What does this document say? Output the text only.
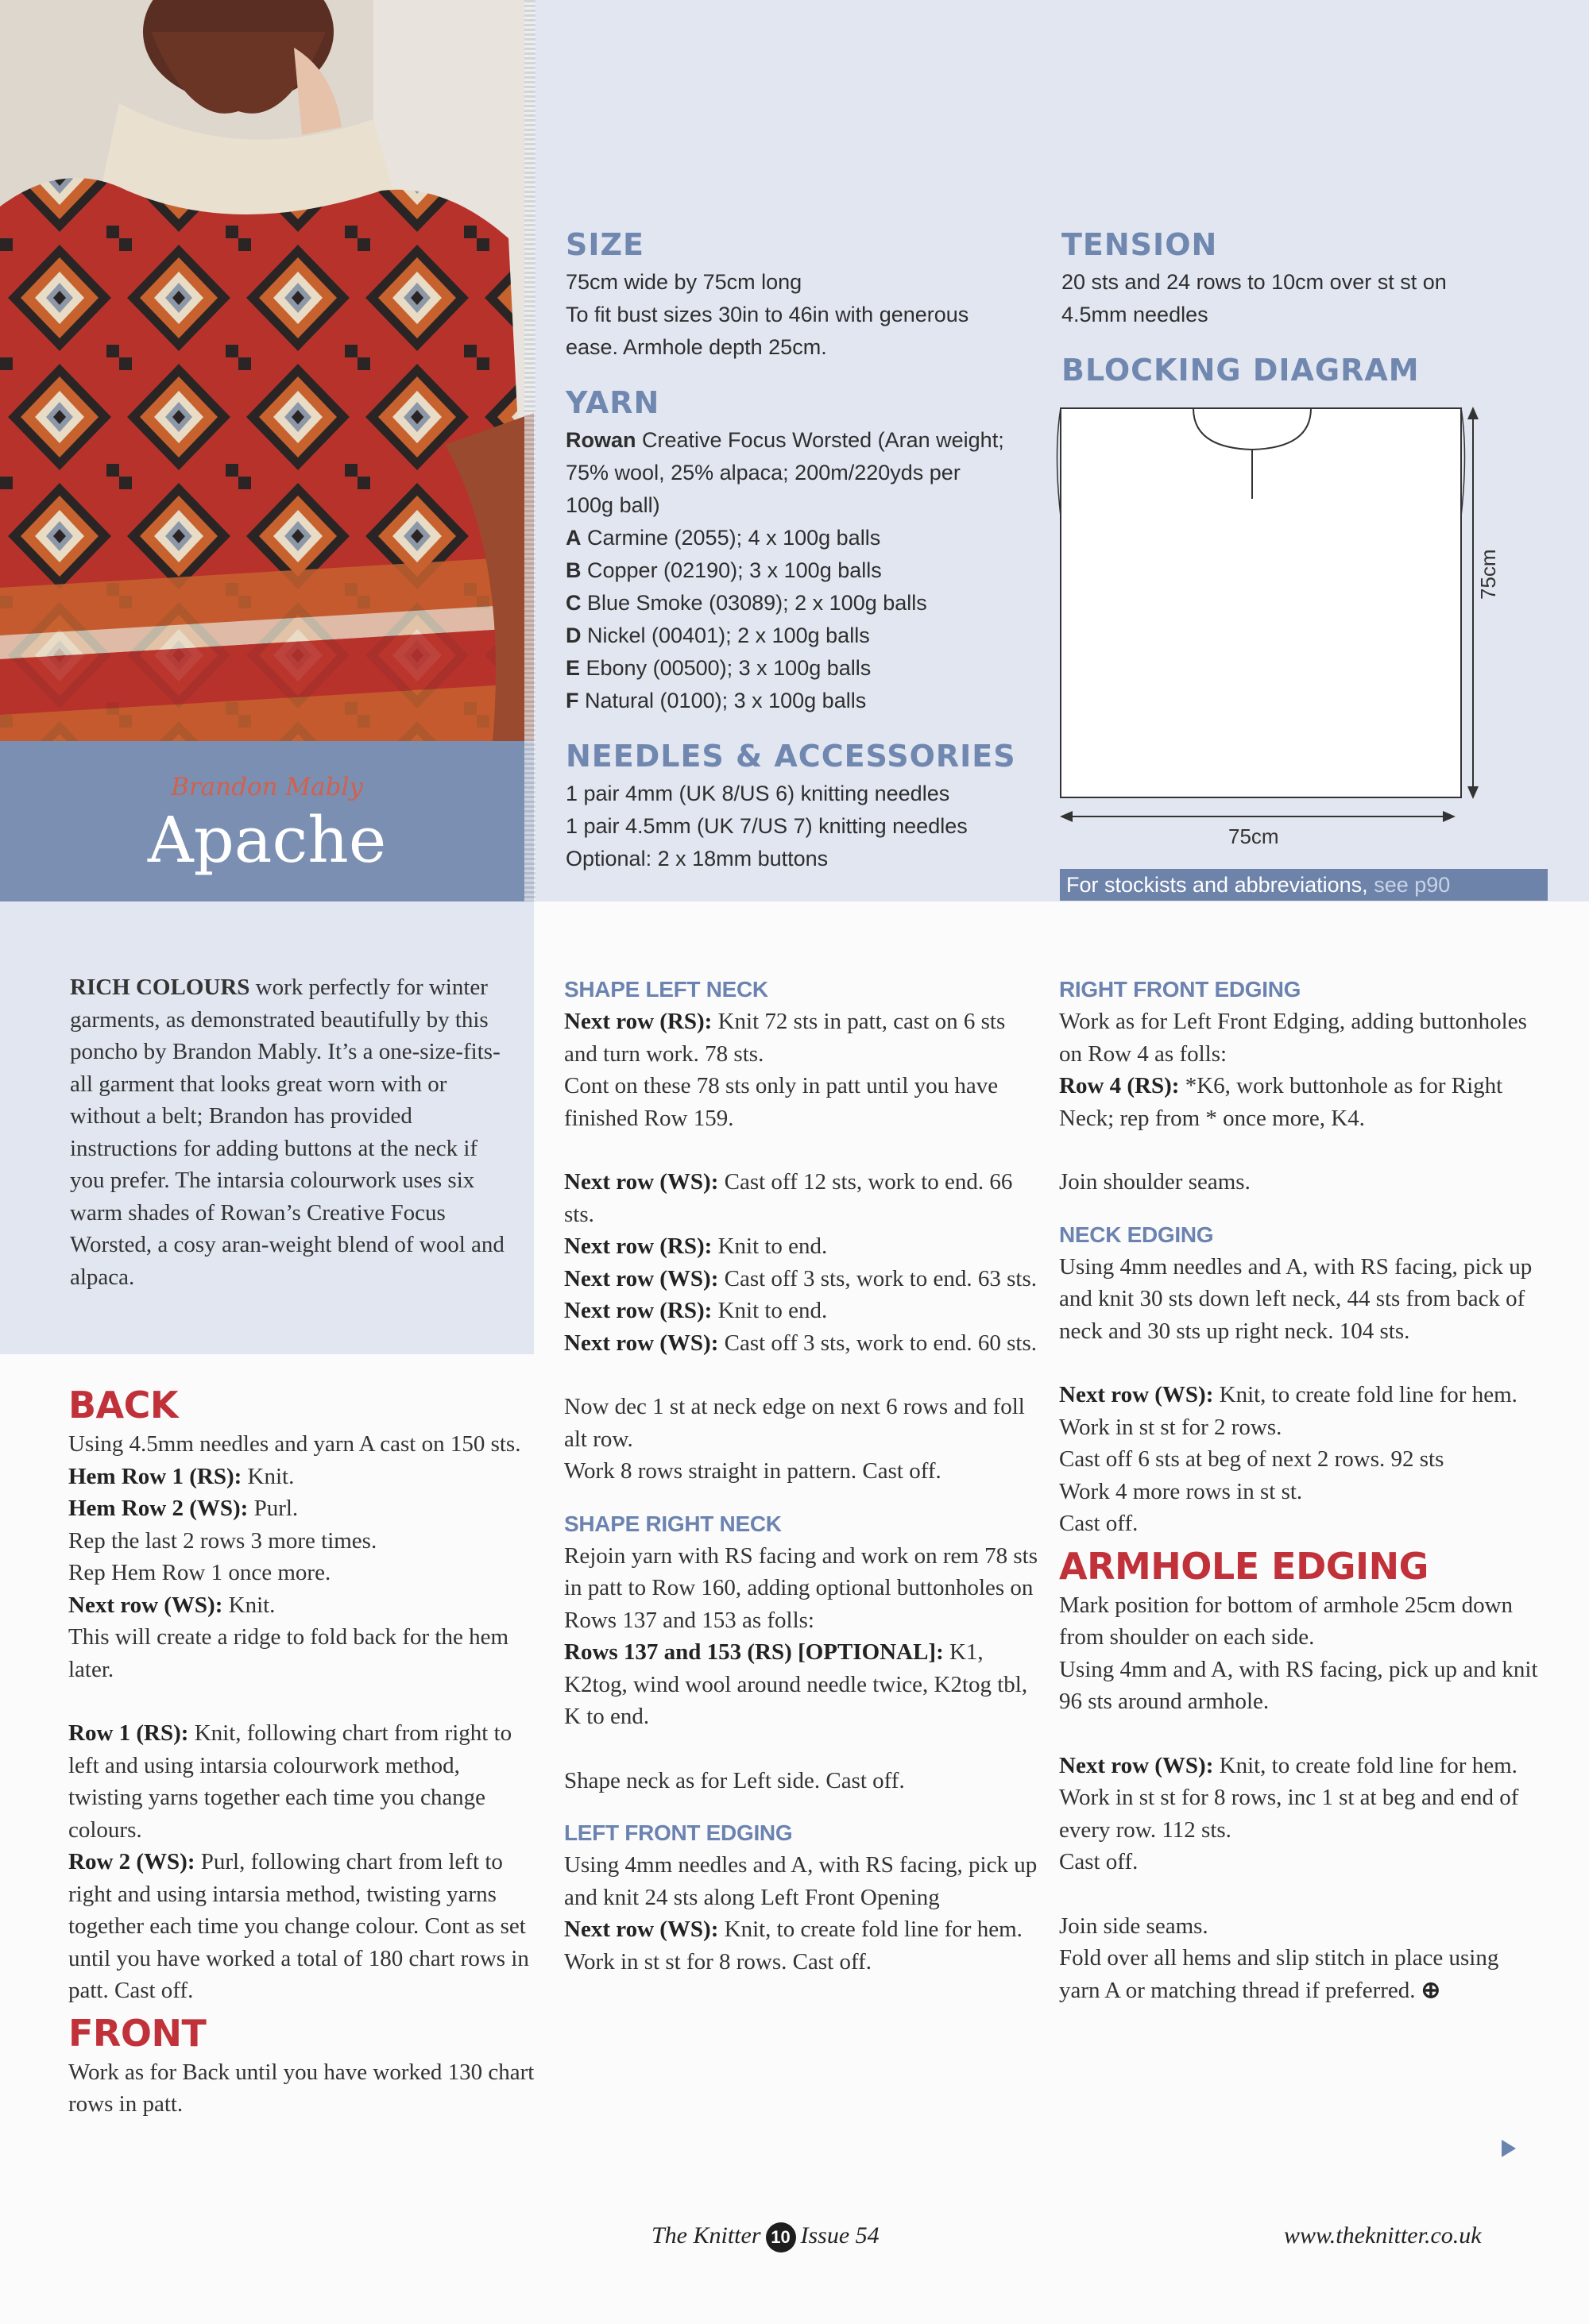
Brandon Mably
Apache
SIZE
75cm wide by 75cm long
To fit bust sizes 30in to 46in with generous
ease. Armhole depth 25cm.
YARN
Rowan Creative Focus Worsted (Aran weight;
75% wool, 25% alpaca; 200m/220yds per
100g ball)
A Carmine (2055); 4 x 100g balls
B Copper (02190); 3 x 100g balls
C Blue Smoke (03089); 2 x 100g balls
D Nickel (00401); 2 x 100g balls
E Ebony (00500); 3 x 100g balls
F Natural (0100); 3 x 100g balls
NEEDLES & ACCESSORIES
1 pair 4mm (UK 8/US 6) knitting needles
1 pair 4.5mm (UK 7/US 7) knitting needles
Optional: 2 x 18mm buttons
TENSION
20 sts and 24 rows to 10cm over st st on
4.5mm needles
BLOCKING DIAGRAM
75cm
75cm
For stockists and abbreviations, see p90

RICH COLOURS work perfectly for winter garments, as demonstrated beautifully by this poncho by Brandon Mably. It’s a one-size-fits-all garment that looks great worn with or without a belt; Brandon has provided instructions for adding buttons at the neck if you prefer. The intarsia colourwork uses six warm shades of Rowan’s Creative Focus Worsted, a cosy aran-weight blend of wool and alpaca.

BACK

Using 4.5mm needles and yarn A cast on 150 sts.

Hem Row 1 (RS): Knit.

Hem Row 2 (WS): Purl.

Rep the last 2 rows 3 more times.

Rep Hem Row 1 once more.

Next row (WS): Knit.

This will create a ridge to fold back for the hem later.

Row 1 (RS): Knit, following chart from right to left and using intarsia colourwork method, twisting yarns together each time you change colours.

Row 2 (WS): Purl, following chart from left to right and using intarsia method, twisting yarns together each time you change colour. Cont as set until you have worked a total of 180 chart rows in patt. Cast off.

FRONT

Work as for Back until you have worked 130 chart rows in patt.

SHAPE LEFT NECK

Next row (RS): Knit 72 sts in patt, cast on 6 sts and turn work. 78 sts.

Cont on these 78 sts only in patt until you have finished Row 159.

Next row (WS): Cast off 12 sts, work to end. 66 sts.

Next row (RS): Knit to end.

Next row (WS): Cast off 3 sts, work to end. 63 sts.

Next row (RS): Knit to end.

Next row (WS): Cast off 3 sts, work to end. 60 sts.

Now dec 1 st at neck edge on next 6 rows and foll alt row.

Work 8 rows straight in pattern. Cast off.

SHAPE RIGHT NECK

Rejoin yarn with RS facing and work on rem 78 sts in patt to Row 160, adding optional buttonholes on Rows 137 and 153 as folls:

Rows 137 and 153 (RS) [OPTIONAL]: K1, K2tog, wind wool around needle twice, K2tog tbl, K to end.

Shape neck as for Left side. Cast off.

LEFT FRONT EDGING

Using 4mm needles and A, with RS facing, pick up and knit 24 sts along Left Front Opening

Next row (WS): Knit, to create fold line for hem.

Work in st st for 8 rows. Cast off.

RIGHT FRONT EDGING

Work as for Left Front Edging, adding buttonholes on Row 4 as folls:

Row 4 (RS): *K6, work buttonhole as for Right Neck; rep from * once more, K4.

Join shoulder seams.

NECK EDGING

Using 4mm needles and A, with RS facing, pick up and knit 30 sts down left neck, 44 sts from back of neck and 30 sts up right neck. 104 sts.

Next row (WS): Knit, to create fold line for hem.

Work in st st for 2 rows.

Cast off 6 sts at beg of next 2 rows. 92 sts

Work 4 more rows in st st.

Cast off.

ARMHOLE EDGING

Mark position for bottom of armhole 25cm down from shoulder on each side.

Using 4mm and A, with RS facing, pick up and knit 96 sts around armhole.

Next row (WS): Knit, to create fold line for hem.

Work in st st for 8 rows, inc 1 st at beg and end of every row. 112 sts.

Cast off.

Join side seams.

Fold over all hems and slip stitch in place using yarn A or matching thread if preferred. ⊕

The Knitter 10 Issue 54	www.theknitter.co.uk
